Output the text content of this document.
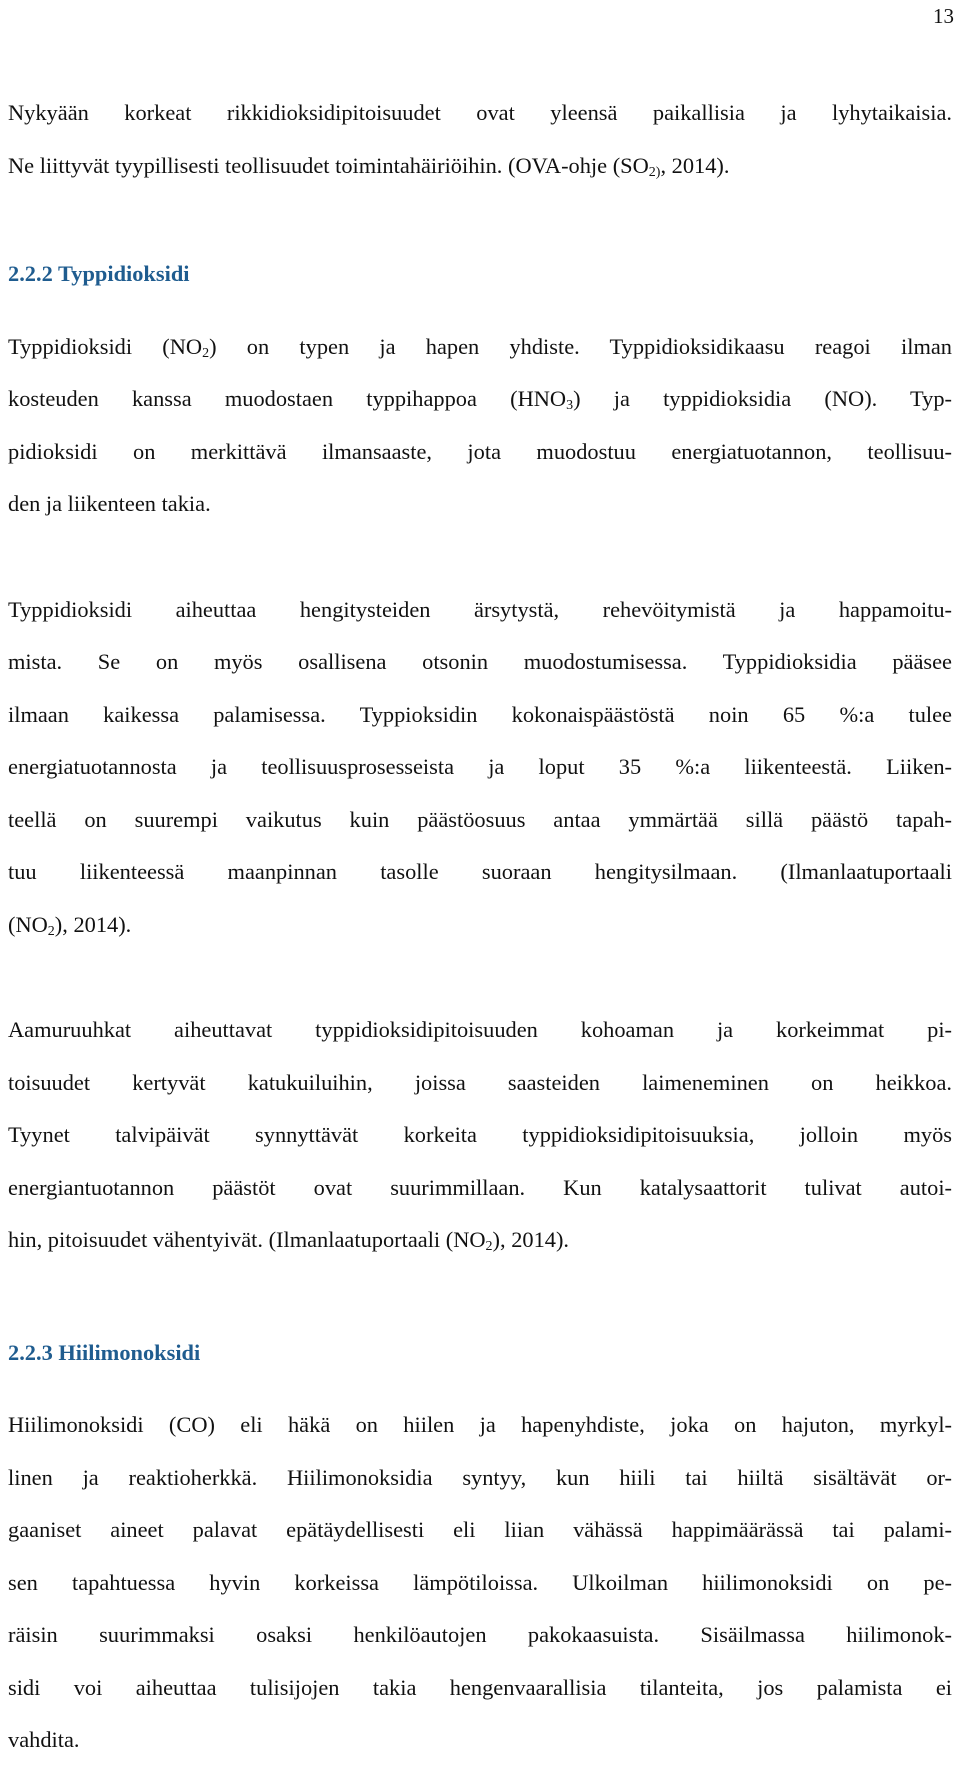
13

Nykyään korkeat rikkidioksidipitoisuudet ovat yleensä paikallisia ja lyhytaikaisia.
Ne liittyvät tyypillisesti teollisuudet toimintahäiriöihin. (OVA-ohje ($SO_{2)}$, 2014).

2.2.2 Typpidioksidi

Typpidioksidi $(NO_2)$ on typen ja hapen yhdiste. Typpidioksidikaasu reagoi ilman
kosteuden kanssa muodostaen typpihappoa $(HNO_3)$ ja typpidioksidia (NO). Typ-
pidioksidi on merkittävä ilmansaaste, jota muodostuu energiatuotannon, teollisuu-
den ja liikenteen takia.

Typpidioksidi aiheuttaa hengitysteiden ärsytystä, rehevöitymistä ja happamoitu-
mista. Se on myös osallisena otsonin muodostumisessa. Typpidioksidia pääsee
ilmaan kaikessa palamisessa. Typpioksidin kokonaispäästöstä noin 65 %:a tulee
energiatuotannosta ja teollisuusprosesseista ja loput 35 %:a liikenteestä. Liiken-
teellä on suurempi vaikutus kuin päästöosuus antaa ymmärtää sillä päästö tapah-
tuu liikenteessä maanpinnan tasolle suoraan hengitysilmaan. (Ilmanlaatuportaali
$(NO_2)$, 2014).

Aamuruuhkat aiheuttavat typpidioksidipitoisuuden kohoaman ja korkeimmat pi-
toisuudet kertyvät katukuiluihin, joissa saasteiden laimeneminen on heikkoa.
Tyynet talvipäivät synnyttävät korkeita typpidioksidipitoisuuksia, jolloin myös
energiantuotannon päästöt ovat suurimmillaan. Kun katalysaattorit tulivat autoi-
hin, pitoisuudet vähentyivät. (Ilmanlaatuportaali $(NO_2)$, 2014).

2.2.3 Hiilimonoksidi

Hiilimonoksidi (CO) eli häkä on hiilen ja hapenyhdiste, joka on hajuton, myrkyl-
linen ja reaktioherkkä. Hiilimonoksidia syntyy, kun hiili tai hiiltä sisältävät or-
gaaniset aineet palavat epätäydellisesti eli liian vähässä happimäärässä tai palami-
sen tapahtuessa hyvin korkeissa lämpötiloissa. Ulkoilman hiilimonoksidi on pe-
räisin suurimmaksi osaksi henkilöautojen pakokaasuista. Sisäilmassa hiilimonok-
sidi voi aiheuttaa tulisijojen takia hengenvaarallisia tilanteita, jos palamista ei
vahdita.
